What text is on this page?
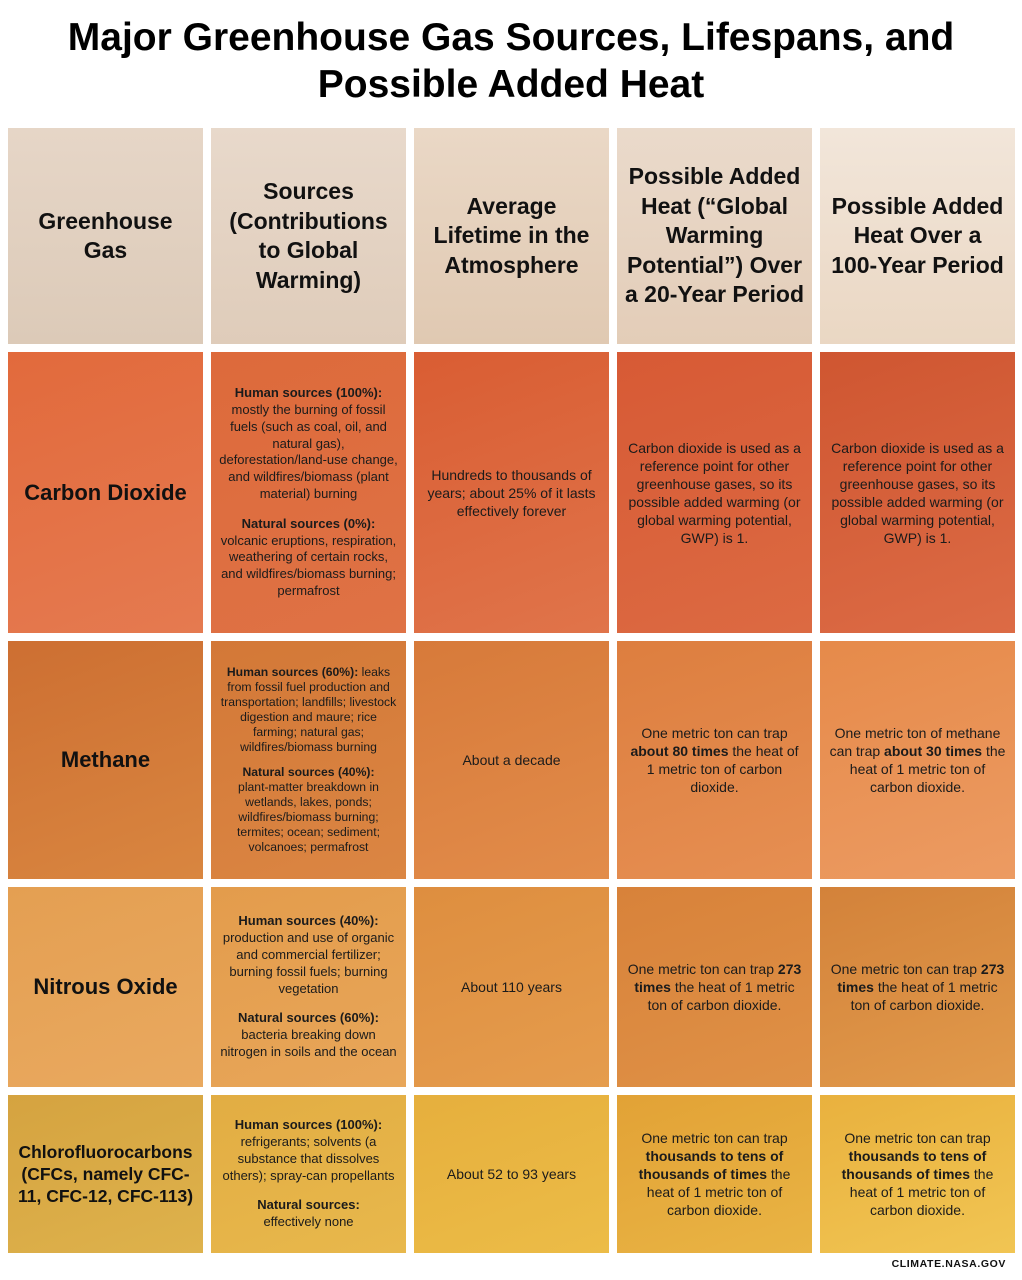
Major Greenhouse Gas Sources, Lifespans, and Possible Added Heat
Greenhouse Gas
Sources (Contributions to Global Warming)
Average Lifetime in the Atmosphere
Possible Added Heat (“Global Warming Potential”) Over a 20-Year Period
Possible Added Heat Over a 100-Year Period
Carbon Dioxide

Human sources (100%):
mostly the burning of fossil fuels (such as coal, oil, and natural gas), deforestation/land-use change, and wildfires/biomass (plant material) burning

Natural sources (0%):
volcanic eruptions, respiration, weathering of certain rocks, and wildfires/biomass burning; permafrost

Hundreds to thousands of years; about 25% of it lasts effectively forever
Carbon dioxide is used as a reference point for other greenhouse gases, so its possible added warming (or global warming potential, GWP) is 1.
Carbon dioxide is used as a reference point for other greenhouse gases, so its possible added warming (or global warming potential, GWP) is 1.
Methane

Human sources (60%): leaks from fossil fuel production and transportation; landfills; livestock digestion and maure; rice farming; natural gas; wildfires/biomass burning

Natural sources (40%):
plant-matter breakdown in wetlands, lakes, ponds; wildfires/biomass burning; termites; ocean; sediment; volcanoes; permafrost

About a decade
One metric ton can trap about 80 times the heat of 1 metric ton of carbon dioxide.
One metric ton of methane can trap about 30 times the heat of 1 metric ton of carbon dioxide.
Nitrous Oxide

Human sources (40%):
production and use of organic and commercial fertilizer; burning fossil fuels; burning vegetation

Natural sources (60%):
bacteria breaking down nitrogen in soils and the ocean

About 110 years
One metric ton can trap 273 times the heat of 1 metric ton of carbon dioxide.
One metric ton can trap 273 times the heat of 1 metric ton of carbon dioxide.
Chlorofluorocarbons (CFCs, namely CFC-11, CFC-12, CFC-113)

Human sources (100%):
refrigerants; solvents (a substance that dissolves others); spray-can propellants

Natural sources:
effectively none

About 52 to 93 years
One metric ton can trap thousands to tens of thousands of times the heat of 1 metric ton of carbon dioxide.
One metric ton can trap thousands to tens of thousands of times the heat of 1 metric ton of carbon dioxide.
CLIMATE.NASA.GOV
